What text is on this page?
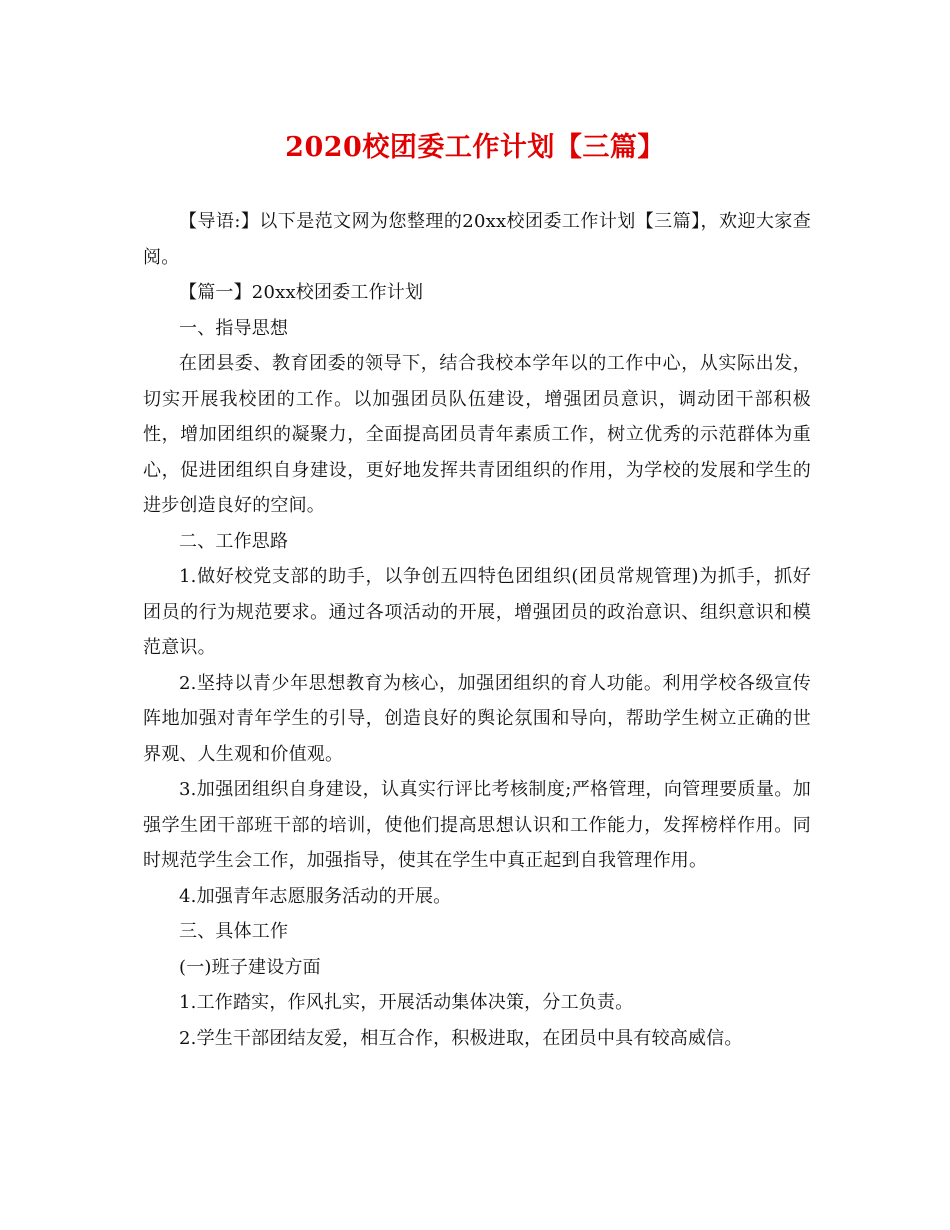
2020校团委工作计划【三篇】

【导语:】以下是范文网为您整理的20xx校团委工作计划【三篇】，欢迎大家查阅。

【篇一】20xx校团委工作计划

一、指导思想

在团县委、教育团委的领导下，结合我校本学年以的工作中心，从实际出发，切实开展我校团的工作。以加强团员队伍建设，增强团员意识，调动团干部积极性，增加团组织的凝聚力，全面提高团员青年素质工作，树立优秀的示范群体为重心，促进团组织自身建设，更好地发挥共青团组织的作用，为学校的发展和学生的进步创造良好的空间。

二、工作思路

1.做好校党支部的助手，以争创五四特色团组织(团员常规管理)为抓手，抓好团员的行为规范要求。通过各项活动的开展，增强团员的政治意识、组织意识和模范意识。

2.坚持以青少年思想教育为核心，加强团组织的育人功能。利用学校各级宣传阵地加强对青年学生的引导，创造良好的舆论氛围和导向，帮助学生树立正确的世界观、人生观和价值观。

3.加强团组织自身建设，认真实行评比考核制度;严格管理，向管理要质量。加强学生团干部班干部的培训，使他们提高思想认识和工作能力，发挥榜样作用。同时规范学生会工作，加强指导，使其在学生中真正起到自我管理作用。

4.加强青年志愿服务活动的开展。

三、具体工作

(一)班子建设方面

1.工作踏实，作风扎实，开展活动集体决策，分工负责。

2.学生干部团结友爱，相互合作，积极进取，在团员中具有较高威信。
